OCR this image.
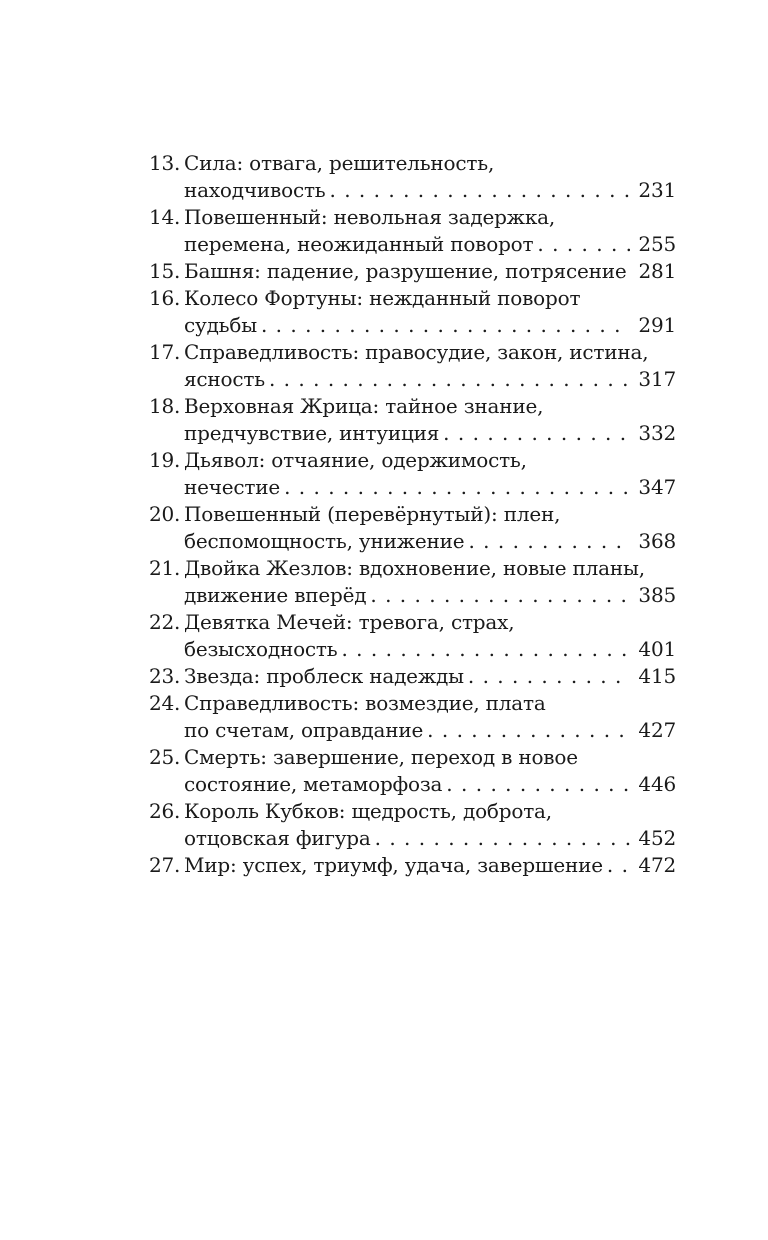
13. Сила: отвага, решительность,
находчивость . . .	231
14. Повешенный: невольная задержка,
перемена, неожиданный поворот . . .	255
15. Башня: падение, разрушение, потрясение 281
16. Колесо Фортуны: нежданный поворот
судьбы . . .	291
17. Справедливость: правосудие, закон, истина,
ясность . . .	317
18. Верховная Жрица: тайное знание,
предчувствие, интуиция . . .	332
19. Дьявол: отчаяние, одержимость,
нечестие . . .	347
20. Повешенный (перевёрнутый): плен,
беспомощность, унижение . . .	368
21. Двойка Жезлов: вдохновение, новые планы,
движение вперёд . . .	385
22. Девятка Мечей: тревога, страх,
безысходность . . .	401
23. Звезда: проблеск надежды . . .	415
24. Справедливость: возмездие, плата
по счетам, оправдание . . .	427
25. Смерть: завершение, переход в новое
состояние, метаморфоза . . .	446
26. Король Кубков: щедрость, доброта,
отцовская фигура . . .	452
27. Мир: успех, триумф, удача, завершение . . . 472
